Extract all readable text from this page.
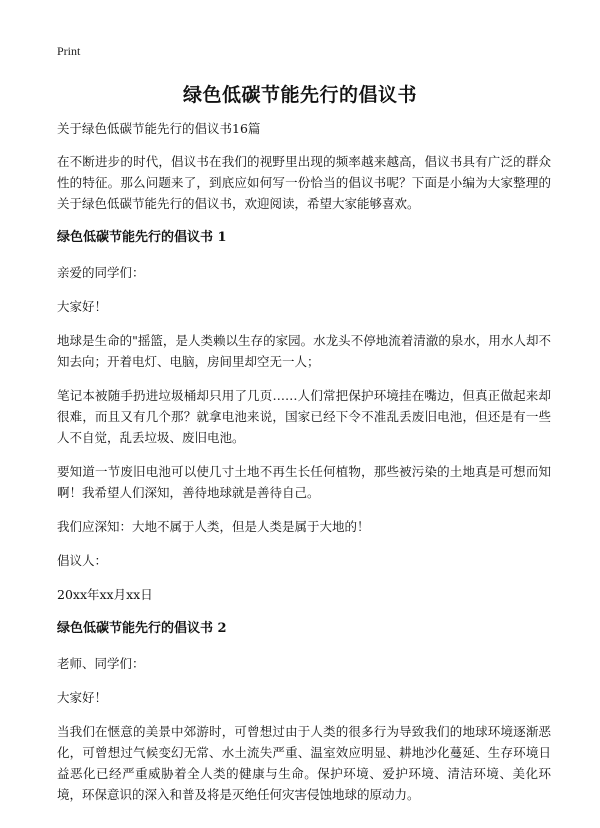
Print
绿色低碳节能先行的倡议书

关于绿色低碳节能先行的倡议书16篇

在不断进步的时代，倡议书在我们的视野里出现的频率越来越高，倡议书具有广泛的群众性的特征。那么问题来了，到底应如何写一份恰当的倡议书呢？下面是小编为大家整理的关于绿色低碳节能先行的倡议书，欢迎阅读，希望大家能够喜欢。

绿色低碳节能先行的倡议书 1

亲爱的同学们：

大家好！

地球是生命的"摇篮，是人类赖以生存的家园。水龙头不停地流着清澈的泉水，用水人却不知去向；开着电灯、电脑，房间里却空无一人；

笔记本被随手扔进垃圾桶却只用了几页……人们常把保护环境挂在嘴边，但真正做起来却很难，而且又有几个那？就拿电池来说，国家已经下令不准乱丢废旧电池，但还是有一些人不自觉，乱丢垃圾、废旧电池。

要知道一节废旧电池可以使几寸土地不再生长任何植物，那些被污染的土地真是可想而知啊！我希望人们深知，善待地球就是善待自己。

我们应深知：大地不属于人类，但是人类是属于大地的！

倡议人：

20xx年xx月xx日

绿色低碳节能先行的倡议书 2

老师、同学们：

大家好！

当我们在惬意的美景中郊游时，可曾想过由于人类的很多行为导致我们的地球环境逐渐恶化，可曾想过气候变幻无常、水土流失严重、温室效应明显、耕地沙化蔓延、生存环境日益恶化已经严重威胁着全人类的健康与生命。保护环境、爱护环境、清洁环境、美化环境，环保意识的深入和普及将是灭绝任何灾害侵蚀地球的原动力。
